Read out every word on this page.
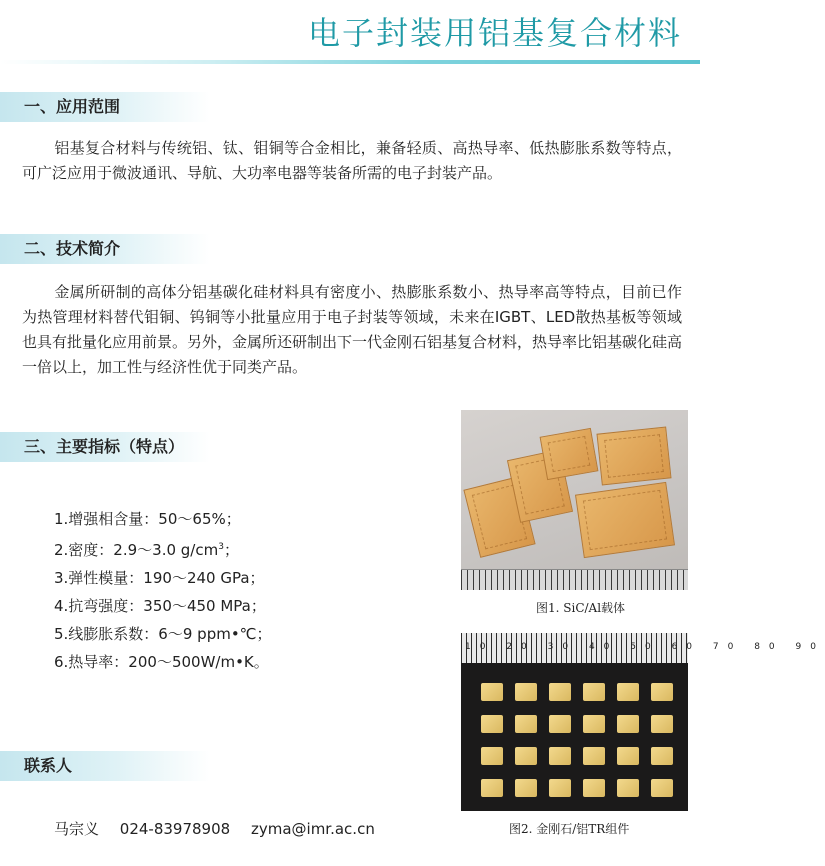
电子封装用铝基复合材料
一、应用范围
铝基复合材料与传统铝、钛、钼铜等合金相比，兼备轻质、高热导率、低热膨胀系数等特点，可广泛应用于微波通讯、导航、大功率电器等装备所需的电子封装产品。
二、技术简介
金属所研制的高体分铝基碳化硅材料具有密度小、热膨胀系数小、热导率高等特点，目前已作为热管理材料替代钼铜、钨铜等小批量应用于电子封装等领域，未来在IGBT、LED散热基板等领域也具有批量化应用前景。另外，金属所还研制出下一代金刚石铝基复合材料，热导率比铝基碳化硅高一倍以上，加工性与经济性优于同类产品。
三、主要指标（特点）
1.增强相含量：50～65%；
2.密度：2.9～3.0 $g/cm^3$；
3.弹性模量：190～240 GPa；
4.抗弯强度：350～450 MPa；
5.线膨胀系数：6～9 ppm•℃；
6.热导率：200～500W/m•K。
联系人
马宗义 024-83978908 zyma@imr.ac.cn
图1. SiC/Al载体
10 20 30 40 50 60 70 80 90
图2. 金刚石/铝TR组件
